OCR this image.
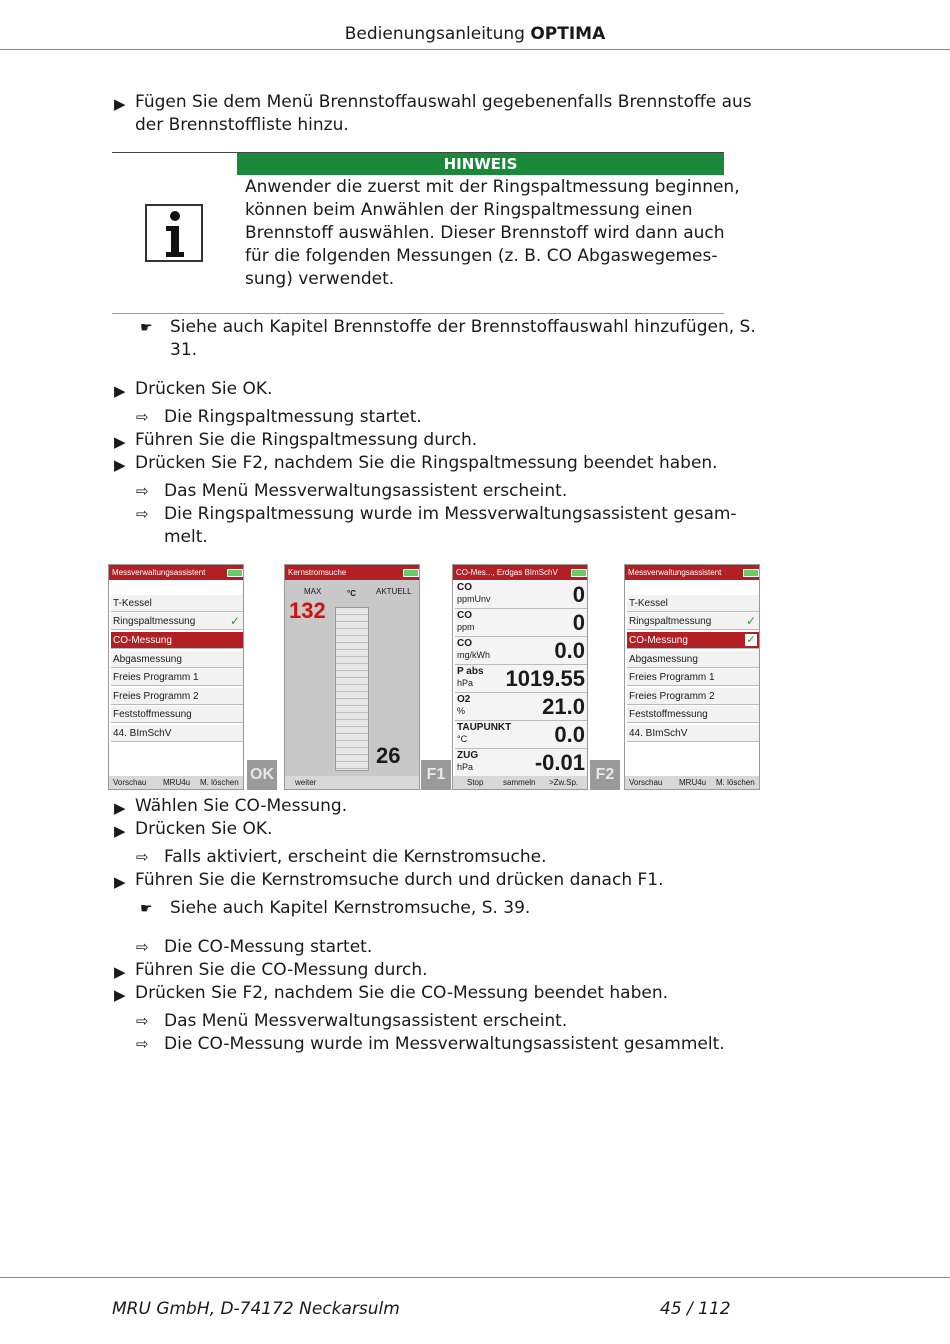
Bedienungsanleitung OPTIMA
▶ Fügen Sie dem Menü Brennstoffauswahl gegebenenfalls Brennstoffe aus
der Brennstoffliste hinzu.
HINWEIS
Anwender die zuerst mit der Ringspaltmessung beginnen,
können beim Anwählen der Ringspaltmessung einen
Brennstoff auswählen. Dieser Brennstoff wird dann auch
für die folgenden Messungen (z. B. CO Abgaswegemes-
sung) verwendet.
☛ Siehe auch Kapitel Brennstoffe der Brennstoffauswahl hinzufügen, S.
31.
▶ Drücken Sie OK.
⇨ Die Ringspaltmessung startet.
▶ Führen Sie die Ringspaltmessung durch.
▶ Drücken Sie F2, nachdem Sie die Ringspaltmessung beendet haben.
⇨ Das Menü Messverwaltungsassistent erscheint.
⇨ Die Ringspaltmessung wurde im Messverwaltungsassistent gesam-
melt.
Messverwaltungsassistent
T-Kessel
Ringspaltmessung	✓
CO-Messung
Abgasmessung
Freies Programm 1
Freies Programm 2
Feststoffmessung
44. BImSchV
Vorschau MRU4u M. löschen OK
Kernstromsuche
MAX	°C	AKTUELL
132
26
weiter	F1
CO-Mes..., Erdgas BImSchV
CO
ppmUnv	0
CO
ppm	0
CO
mg/kWh	0.0
P abs
hPa 1019.55
O2
%	21.0
TAUPUNKT
°C	0.0
ZUG
hPa	-0.01
Stop sammeln >Zw.Sp.	F2
Messverwaltungsassistent
T-Kessel
Ringspaltmessung	✓
CO-Messung	✓
Abgasmessung
Freies Programm 1
Freies Programm 2
Feststoffmessung
44. BImSchV
Vorschau MRU4u M. löschen
▶ Wählen Sie CO-Messung.
▶ Drücken Sie OK.
⇨ Falls aktiviert, erscheint die Kernstromsuche.
▶ Führen Sie die Kernstromsuche durch und drücken danach F1.
☛ Siehe auch Kapitel Kernstromsuche, S. 39.
⇨ Die CO-Messung startet.
▶ Führen Sie die CO-Messung durch.
▶ Drücken Sie F2, nachdem Sie die CO-Messung beendet haben.
⇨ Das Menü Messverwaltungsassistent erscheint.
⇨ Die CO-Messung wurde im Messverwaltungsassistent gesammelt.
MRU GmbH, D-74172 Neckarsulm	45 / 112
